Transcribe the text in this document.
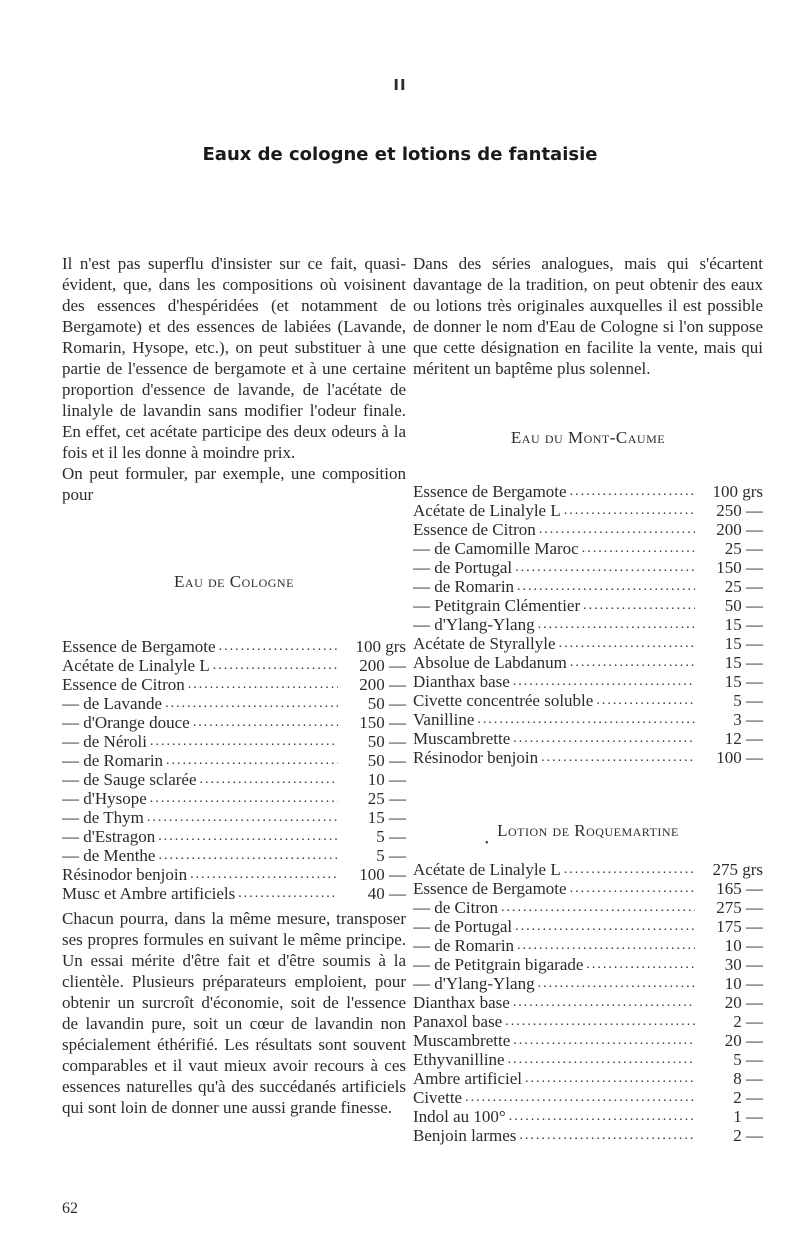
II
Eaux de cologne et lotions de fantaisie

Il n'est pas superflu d'insister sur ce fait, quasi-évident, que, dans les compositions où voisinent des essences d'hespéridées (et notamment de Bergamote) et des essences de labiées (Lavande, Romarin, Hysope, etc.), on peut substituer à une partie de l'essence de bergamote et à une certaine proportion d'essence de lavande, de l'acétate de linalyle de lavandin sans modifier l'odeur finale. En effet, cet acétate participe des deux odeurs à la fois et il les donne à moindre prix.

On peut formuler, par exemple, une composition pour

Eau de Cologne
Essence de Bergamote .....	100 grs
Acétate de Linalyle L .....	200 —
Essence de Citron .....	200 —
— de Lavande .....	50 —
— d'Orange douce .....	150 —
— de Néroli .....	50 —
— de Romarin .....	50 —
— de Sauge sclarée .....	10 —
— d'Hysope .....	25 —
— de Thym .....	15 —
— d'Estragon .....	5 —
— de Menthe .....	5 —
Résinodor benjoin .....	100 —
Musc et Ambre artificiels .....	40 —

Chacun pourra, dans la même mesure, transposer ses propres formules en suivant le même principe. Un essai mérite d'être fait et d'être soumis à la clientèle. Plusieurs préparateurs emploient, pour obtenir un surcroît d'économie, soit de l'essence de lavandin pure, soit un cœur de lavandin non spécialement éthérifié. Les résultats sont souvent comparables et il vaut mieux avoir recours à ces essences naturelles qu'à des succédanés artificiels qui sont loin de donner une aussi grande finesse.

Dans des séries analogues, mais qui s'écartent davantage de la tradition, on peut obtenir des eaux ou lotions très originales auxquelles il est possible de donner le nom d'Eau de Cologne si l'on suppose que cette désignation en facilite la vente, mais qui méritent un baptême plus solennel.

Eau du Mont-Caume
Essence de Bergamote .....	100 grs
Acétate de Linalyle L .....	250 —
Essence de Citron .....	200 —
— de Camomille Maroc .....	25 —
— de Portugal .....	150 —
— de Romarin .....	25 —
— Petitgrain Clémentier .....	50 —
— d'Ylang-Ylang .....	15 —
Acétate de Styrallyle .....	15 —
Absolue de Labdanum .....	15 —
Dianthax base .....	15 —
Civette concentrée soluble .....	5 —
Vanilline .....	3 —
Muscambrette .....	12 —
Résinodor benjoin .....	100 —
Lotion de Roquemartine
•
Acétate de Linalyle L .....	275 grs
Essence de Bergamote .....	165 —
— de Citron .....	275 —
— de Portugal .....	175 —
— de Romarin .....	10 —
— de Petitgrain bigarade .....	30 —
— d'Ylang-Ylang .....	10 —
Dianthax base .....	20 —
Panaxol base .....	2 —
Muscambrette .....	20 —
Ethyvanilline .....	5 —
Ambre artificiel .....	8 —
Civette .....	2 —
Indol au 100° .....	1 —
Benjoin larmes .....	2 —
62
